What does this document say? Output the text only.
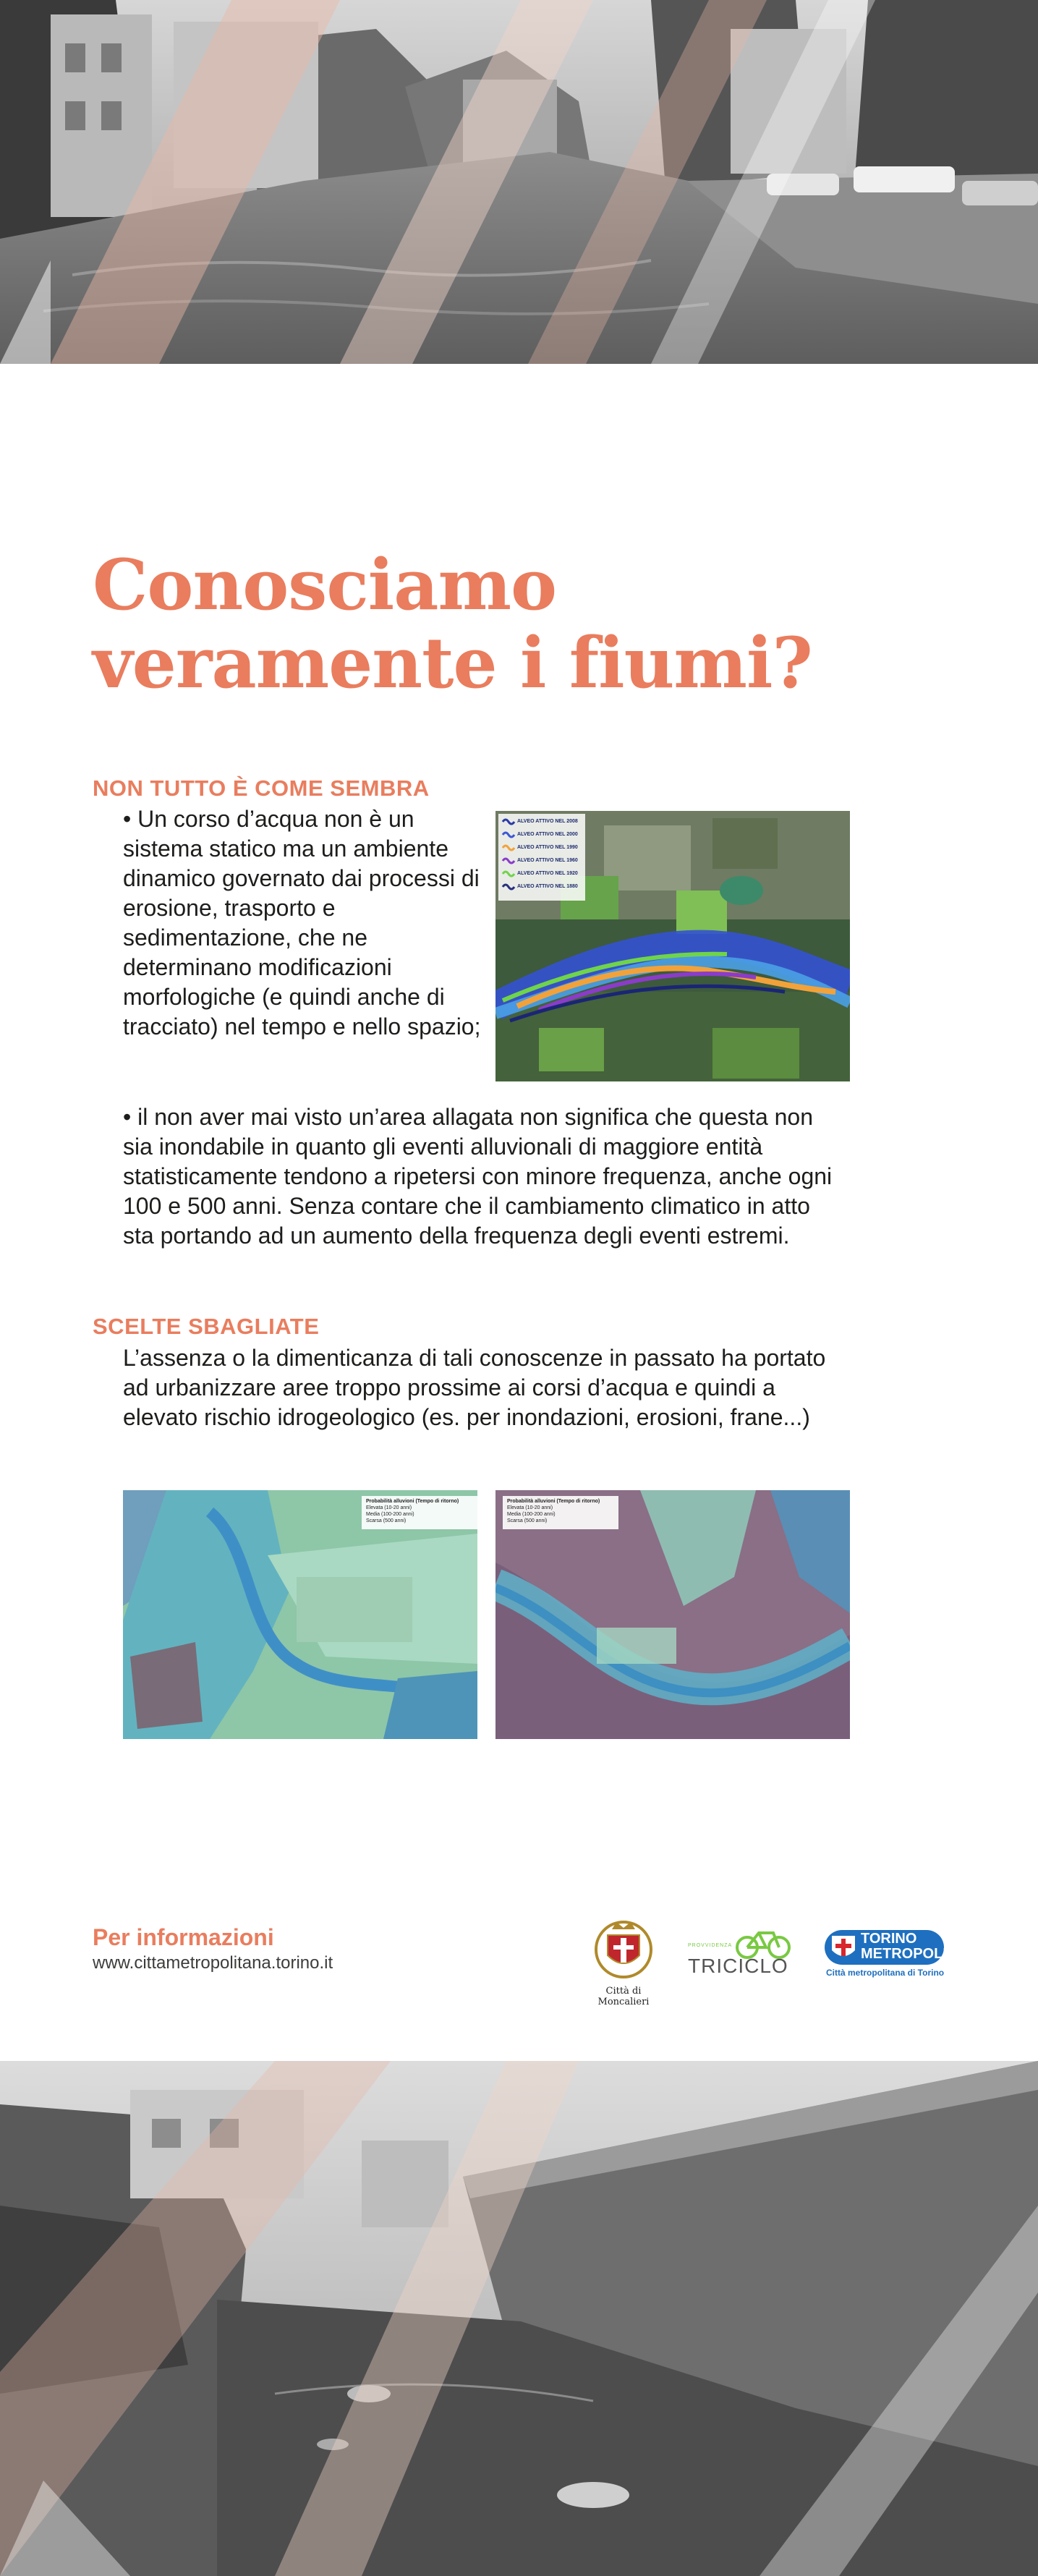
Conosciamo
veramente i fiumi?
NON TUTTO È COME SEMBRA

• Un corso d’acqua non è un sistema statico ma un ambiente dinamico governato dai processi di erosione, trasporto e sedimentazione, che ne determinano modificazioni morfologiche (e quindi anche di tracciato) nel tempo e nello spazio;

ALVEO ATTIVO NEL 2008
ALVEO ATTIVO NEL 2000
ALVEO ATTIVO NEL 1990
ALVEO ATTIVO NEL 1960
ALVEO ATTIVO NEL 1920
ALVEO ATTIVO NEL 1880

• il non aver mai visto un’area allagata non significa che questa non sia inondabile in quanto gli eventi alluvionali di maggiore entità statisticamente tendono a ripetersi con minore frequenza, anche ogni 100 e 500 anni. Senza contare che il cambiamento climatico in atto sta portando ad un aumento della frequenza degli eventi estremi.

SCELTE SBAGLIATE

L’assenza o la dimenticanza di tali conoscenze in passato ha portato ad urbanizzare aree troppo prossime ai corsi d’acqua e quindi a elevato rischio idrogeologico (es. per inondazioni, erosioni, frane...)

Probabilità alluvioni (Tempo di ritorno)
Elevata (10-20 anni)
Media (100-200 anni)
Scarsa (500 anni)
Probabilità alluvioni (Tempo di ritorno)
Elevata (10-20 anni)
Media (100-200 anni)
Scarsa (500 anni)

Per informazioni

www.cittametropolitana.torino.it

Città di
Moncalieri
PROVVIDENZA
TRICICLO
TORINO
METROPOLI
Città metropolitana di Torino
